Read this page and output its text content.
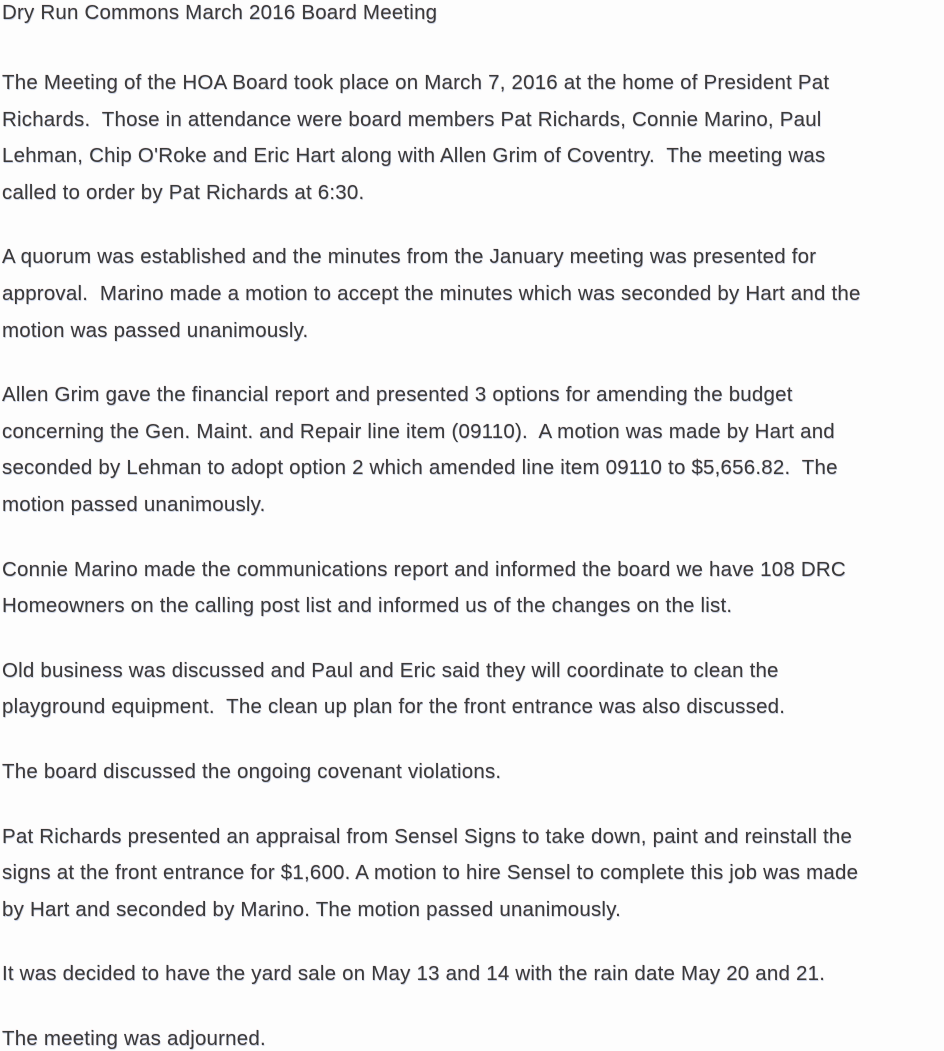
Dry Run Commons March 2016 Board Meeting

The Meeting of the HOA Board took place on March 7, 2016 at the home of President Pat
Richards.  Those in attendance were board members Pat Richards, Connie Marino, Paul
Lehman, Chip O'Roke and Eric Hart along with Allen Grim of Coventry.  The meeting was
called to order by Pat Richards at 6:30.

A quorum was established and the minutes from the January meeting was presented for
approval.  Marino made a motion to accept the minutes which was seconded by Hart and the
motion was passed unanimously.

Allen Grim gave the financial report and presented 3 options for amending the budget
concerning the Gen. Maint. and Repair line item (09110).  A motion was made by Hart and
seconded by Lehman to adopt option 2 which amended line item 09110 to $5,656.82.  The
motion passed unanimously.

Connie Marino made the communications report and informed the board we have 108 DRC
Homeowners on the calling post list and informed us of the changes on the list.

Old business was discussed and Paul and Eric said they will coordinate to clean the
playground equipment.  The clean up plan for the front entrance was also discussed.

The board discussed the ongoing covenant violations.

Pat Richards presented an appraisal from Sensel Signs to take down, paint and reinstall the
signs at the front entrance for $1,600. A motion to hire Sensel to complete this job was made
by Hart and seconded by Marino. The motion passed unanimously.

It was decided to have the yard sale on May 13 and 14 with the rain date May 20 and 21.

The meeting was adjourned.
